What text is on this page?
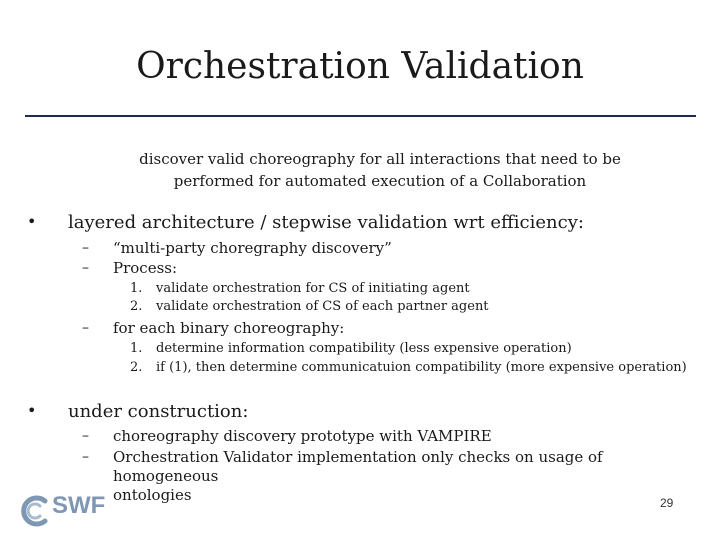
Orchestration Validation
discover valid choreography for all interactions that need to be
performed for automated execution of a Collaboration
• layered architecture / stepwise validation wrt efficiency:
– “multi-party choregraphy discovery”
– Process:
1. validate orchestration for CS of initiating agent
2. validate orchestration of CS of each partner agent
– for each binary choreography:
1. determine information compatibility (less expensive operation)
2. if (1), then determine communicatuion compatibility (more expensive operation)
• under construction:
– choreography discovery prototype with VAMPIRE
– Orchestration Validator implementation only checks on usage of homogeneous
ontologies
SWF	29
